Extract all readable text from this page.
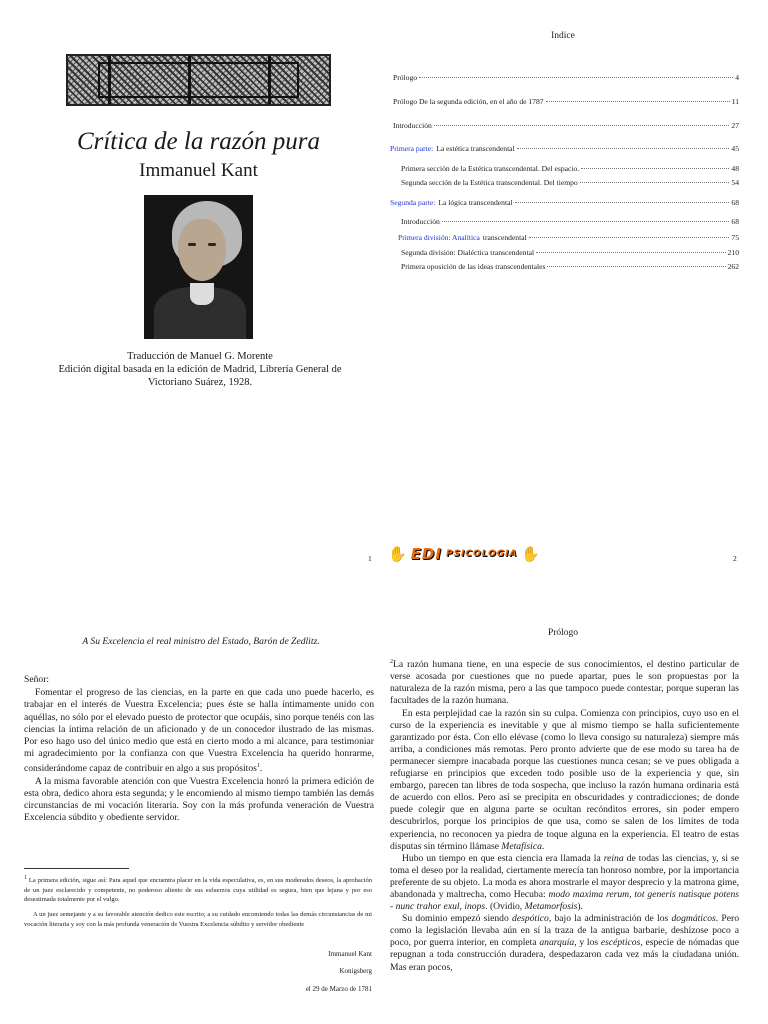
Crítica de la razón pura
Immanuel Kant
Traducción de Manuel G. Morente
Edición digital basada en la edición de Madrid, Librería General de
Victoriano Suárez, 1928.
Indice
Prólogo	4
Prólogo De la segunda edición, en el año de 1787	11
Introducción	27
Primera parte: La estética transcendental	45
Primera sección de la Estética transcendental. Del espacio.	48
Segunda sección de la Estética transcendental. Del tiempo	54
Segunda parte: La lógica transcendental	68
Introducción	68
Primera división: Analítica transcendental	75
Segunda división: Dialéctica transcendental	210
Primera oposición de las ideas transcendentales	262
1 ✋ EDI PSICOLOGIA ✋	2
A Su Excelencia el real ministro del Estado, Barón de Zedlitz.

Señor:

Fomentar el progreso de las ciencias, en la parte en que cada uno puede hacerlo, es trabajar en el interés de Vuestra Excelencia; pues éste se halla íntimamente unido con aquéllas, no sólo por el elevado puesto de protector que ocupáis, sino porque tenéis con las ciencias la íntima relación de un aficionado y de un conocedor ilustrado de las mismas. Por eso hago uso del único medio que está en cierto modo a mi alcance, para testimoniar mi agradecimiento por la confianza con que Vuestra Excelencia ha querido honrarme, considerándome capaz de contribuir en algo a sus propósitos$^1$.

A la misma favorable atención con que Vuestra Excelencia honró la primera edición de esta obra, dedico ahora esta segunda; y le encomiendo al mismo tiempo también las demás circunstancias de mi vocación literaria. Soy con la más profunda veneración de Vuestra Excelencia súbdito y obediente servidor.

$^1$ La primera edición, sigue así: Para aquel que encuentra placer en la vida especulativa, es, en sus moderados deseos, la aprobación de un juez esclarecido y competente, no poderoso aliento de sus esfuerzos cuya utilidad es segura, bien que lejana y por eso desestimada totalmente por el vulgo.

A un juez semejante y a su favorable atención dedico este escrito; a su cuidado encomiendo todas las demás circunstancias de mi vocación literaria y soy con la más profunda veneración de Vuestra Excelencia súbdito y servidor obediente

Immanuel Kant
Konigsberg
el 29 de Marzo de 1781
Prólogo

$^2$La razón humana tiene, en una especie de sus conocimientos, el destino particular de verse acosada por cuestiones que no puede apartar, pues le son propuestas por la naturaleza de la razón misma, pero a las que tampoco puede contestar, porque superan las facultades de la razón humana.

En esta perplejidad cae la razón sin su culpa. Comienza con principios, cuyo uso en el curso de la experiencia es inevitable y que al mismo tiempo se halla suficientemente garantizado por ésta. Con ello elévase (como lo lleva consigo su naturaleza) siempre más arriba, a condiciones más remotas. Pero pronto advierte que de ese modo su tarea ha de permanecer siempre inacabada porque las cuestiones nunca cesan; se ve pues obligada a refugiarse en principios que exceden todo posible uso de la experiencia y que, sin embargo, parecen tan libres de toda sospecha, que incluso la razón humana ordinaria está de acuerdo con ellos. Pero así se precipita en obscuridades y contradicciones; de donde puede colegir que en alguna parte se ocultan recónditos errores, sin poder empero descubrirlos, porque los principios de que usa, como se salen de los límites de toda experiencia, no reconocen ya piedra de toque alguna en la experiencia. El teatro de estas disputas sin término llámase Metafísica.

Hubo un tiempo en que esta ciencia era llamada la reina de todas las ciencias, y, si se toma el deseo por la realidad, ciertamente merecía tan honroso nombre, por la importancia preferente de su objeto. La moda es ahora mostrarle el mayor desprecio y la matrona gime, abandonada y maltrecha, como Hecuba: modo maxima rerum, tot generis natisque potens - nunc trahor exul, inops. (Ovidio, Metamorfosis).

Su dominio empezó siendo despótico, bajo la administración de los dogmáticos. Pero como la legislación llevaba aún en sí la traza de la antigua barbarie, deshízose poco a poco, por guerra interior, en completa anarquía, y los escépticos, especie de nómadas que repugnan a toda construcción duradera, despedazaron cada vez más la ciudadana unión. Mas eran pocos,
